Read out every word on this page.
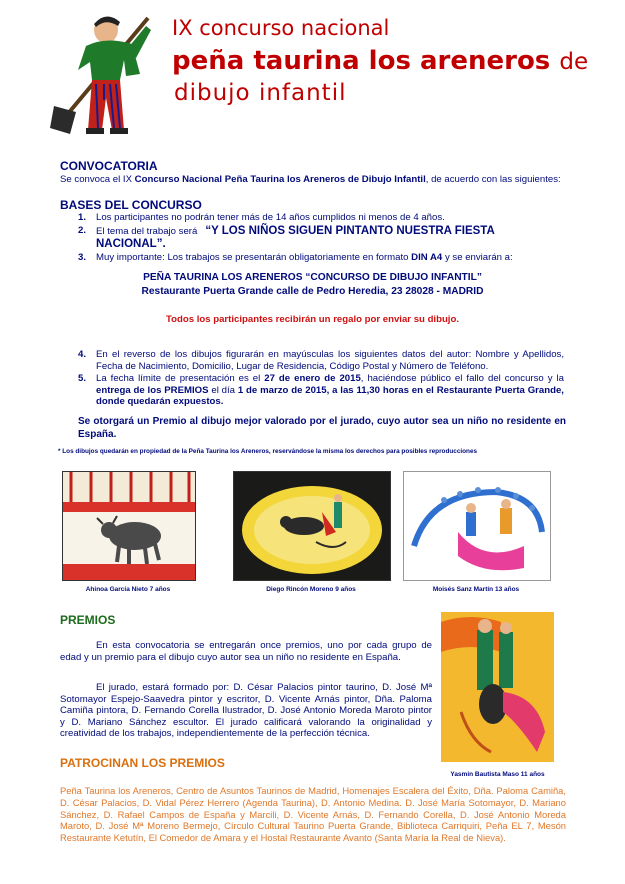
IX concurso nacional
peña taurina los areneros de
dibujo infantil
CONVOCATORIA
Se convoca el IX Concurso Nacional Peña Taurina los Areneros de Dibujo Infantil, de acuerdo con las siguientes:
BASES DEL CONCURSO
1. Los participantes no podrán tener más de 14 años cumplidos ni menos de 4 años.
2. El tema del trabajo será “Y LOS NIÑOS SIGUEN PINTANTO NUESTRA FIESTA NACIONAL”.
3. Muy importante: Los trabajos se presentarán obligatoriamente en formato DIN A4 y se enviarán a:
PEÑA TAURINA LOS ARENEROS “CONCURSO DE DIBUJO INFANTIL”
Restaurante Puerta Grande calle de Pedro Heredia, 23 28028 - MADRID
Todos los participantes recibirán un regalo por enviar su dibujo.
4. En el reverso de los dibujos figurarán en mayúsculas los siguientes datos del autor: Nombre y Apellidos, Fecha de Nacimiento, Domicilio, Lugar de Residencia, Código Postal y Número de Teléfono.
5. La fecha límite de presentación es el 27 de enero de 2015, haciéndose público el fallo del concurso y la entrega de los PREMIOS el día 1 de marzo de 2015, a las 11,30 horas en el Restaurante Puerta Grande, donde quedarán expuestos.
Se otorgará un Premio al dibujo mejor valorado por el jurado, cuyo autor sea un niño no residente en España.
* Los dibujos quedarán en propiedad de la Peña Taurina los Areneros, reservándose la misma los derechos para posibles reproducciones
Ahinoa García Nieto 7 años	Diego Rincón Moreno 9 años	Moisés Sanz Martín 13 años
PREMIOS
En esta convocatoria se entregarán once premios, uno por cada grupo de edad y un premio para el dibujo cuyo autor sea un niño no residente en España.
El jurado, estará formado por: D. César Palacios pintor taurino, D. José Mª Sotomayor Espejo-Saavedra pintor y escritor, D. Vicente Arnás pintor, Dña. Paloma Camiña pintora, D. Fernando Corella Ilustrador, D. José Antonio Moreda Maroto pintor y D. Mariano Sánchez escultor. El jurado calificará valorando la originalidad y creatividad de los trabajos, independientemente de la perfección técnica.
Yasmin Bautista Maso 11 años
PATROCINAN LOS PREMIOS
Peña Taurina los Areneros, Centro de Asuntos Taurinos de Madrid, Homenajes Escalera del Éxito, Dña. Paloma Camiña, D. César Palacios, D. Vidal Pérez Herrero (Agenda Taurina), D. Antonio Medina. D. José María Sotomayor, D. Mariano Sánchez, D. Rafael Campos de España y Marcili, D. Vicente Arnás, D. Fernando Corella, D. José Antonio Moreda Maroto, D. José Mª Moreno Bermejo, Círculo Cultural Taurino Puerta Grande, Biblioteca Carriquiri, Peña EL 7, Mesón Restaurante Ketutín, El Comedor de Amara y el Hostal Restaurante Avanto (Santa María la Real de Nieva).
